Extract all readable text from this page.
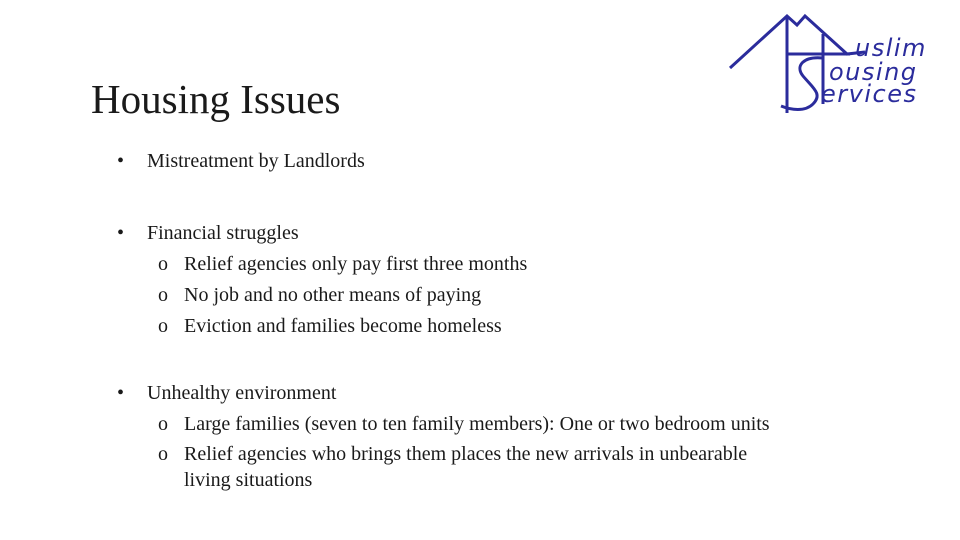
Housing Issues
uslim
ousing
ervices
• Mistreatment by Landlords
• Financial struggles
o Relief agencies only pay first three months
o No job and no other means of paying
o Eviction and families become homeless
• Unhealthy environment
o Large families (seven to ten family members): One or two bedroom units
o Relief agencies who brings them places the new arrivals in unbearable
living situations
